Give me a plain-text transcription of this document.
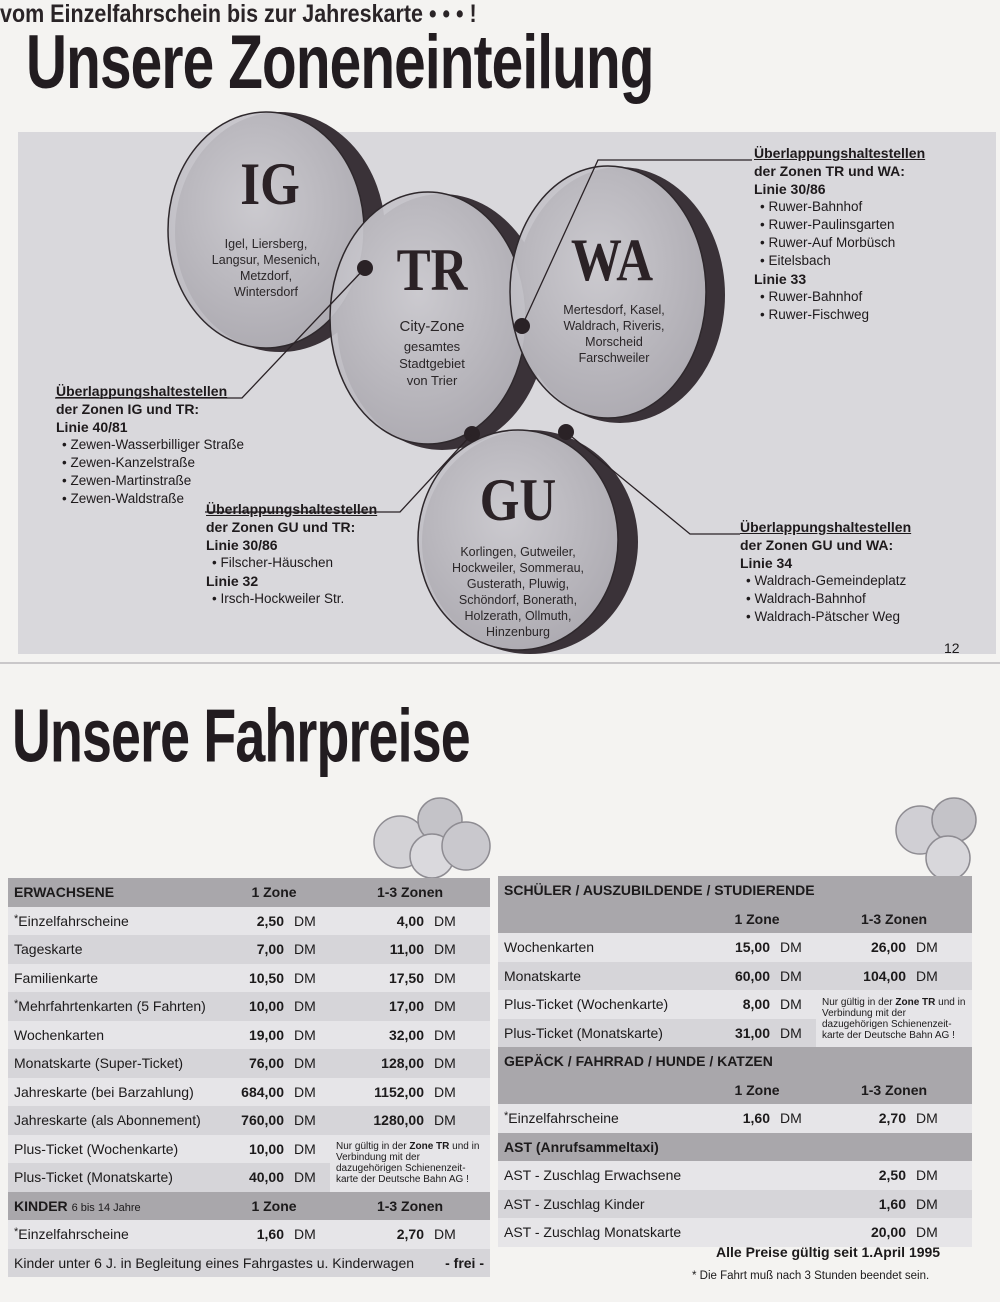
Unsere Zoneneinteilung
IG
Igel, Liersberg,
Langsur, Mesenich,
Metzdorf,
Wintersdorf	TR
City-Zone
gesamtes
Stadtgebiet
von Trier
WA
Mertesdorf, Kasel,
Waldrach, Riveris,
Morscheid
Farschweiler
GU
Korlingen, Gutweiler,
Hockweiler, Sommerau,
Gusterath, Pluwig,
Schöndorf, Bonerath,
Holzerath, Ollmuth,
Hinzenburg
Überlappungshaltestellen
der Zonen TR und WA:
Linie 30/86
• Ruwer-Bahnhof
• Ruwer-Paulinsgarten
• Ruwer-Auf Morbüsch
• Eitelsbach
Linie 33
• Ruwer-Bahnhof
• Ruwer-Fischweg
Überlappungshaltestellen
der Zonen IG und TR:
Linie 40/81
• Zewen-Wasserbilliger Straße
• Zewen-Kanzelstraße
• Zewen-Martinstraße
• Zewen-Waldstraße
Überlappungshaltestellen
der Zonen GU und TR:
Linie 30/86
• Filscher-Häuschen
Linie 32
• Irsch-Hockweiler Str.
Überlappungshaltestellen
der Zonen GU und WA:
Linie 34
• Waldrach-Gemeindeplatz
• Waldrach-Bahnhof
• Waldrach-Pätscher Weg
12
Unsere Fahrpreise
vom Einzelfahrschein bis zur Jahreskarte • • • !
ERWACHSENE	1 Zone		1-3 Zonen	
*Einzelfahrscheine	2,50	DM	4,00	DM
Tageskarte	7,00	DM	11,00	DM
Familienkarte	10,50	DM	17,50	DM
*Mehrfahrtenkarten (5 Fahrten)	10,00	DM	17,00	DM
Wochenkarten	19,00	DM	32,00	DM
Monatskarte (Super-Ticket)	76,00	DM	128,00	DM
Jahreskarte (bei Barzahlung)	684,00	DM	1152,00	DM
Jahreskarte (als Abonnement)	760,00	DM	1280,00	DM
Plus-Ticket (Wochenkarte)	10,00	DM	Nur gültig in der Zone TR und in Verbindung mit der dazugehörigen Schienenzeit-karte der Deutsche Bahn AG !	
Plus-Ticket (Monatskarte)	40,00	DM		
KINDER 6 bis 14 Jahre	1 Zone		1-3 Zonen	
*Einzelfahrscheine	1,60	DM	2,70	DM
Kinder unter 6 J. in Begleitung eines Fahrgastes u. Kinderwagen				- frei -
SCHÜLER / AUSZUBILDENDE / STUDIERENDE				
	1 Zone		1-3 Zonen	
Wochenkarten	15,00	DM	26,00	DM
Monatskarte	60,00	DM	104,00	DM
Plus-Ticket (Wochenkarte)	8,00	DM	Nur gültig in der Zone TR und in Verbindung mit der dazugehörigen Schienenzeit-karte der Deutsche Bahn AG !	
Plus-Ticket (Monatskarte)	31,00	DM		
GEPÄCK / FAHRRAD / HUNDE / KATZEN				
	1 Zone		1-3 Zonen	
*Einzelfahrscheine	1,60	DM	2,70	DM
AST (Anrufsammeltaxi)				
AST - Zuschlag Erwachsene			2,50	DM
AST - Zuschlag Kinder			1,60	DM
AST - Zuschlag Monatskarte			20,00	DM
Alle Preise gültig seit 1.April 1995
* Die Fahrt muß nach 3 Stunden beendet sein.
